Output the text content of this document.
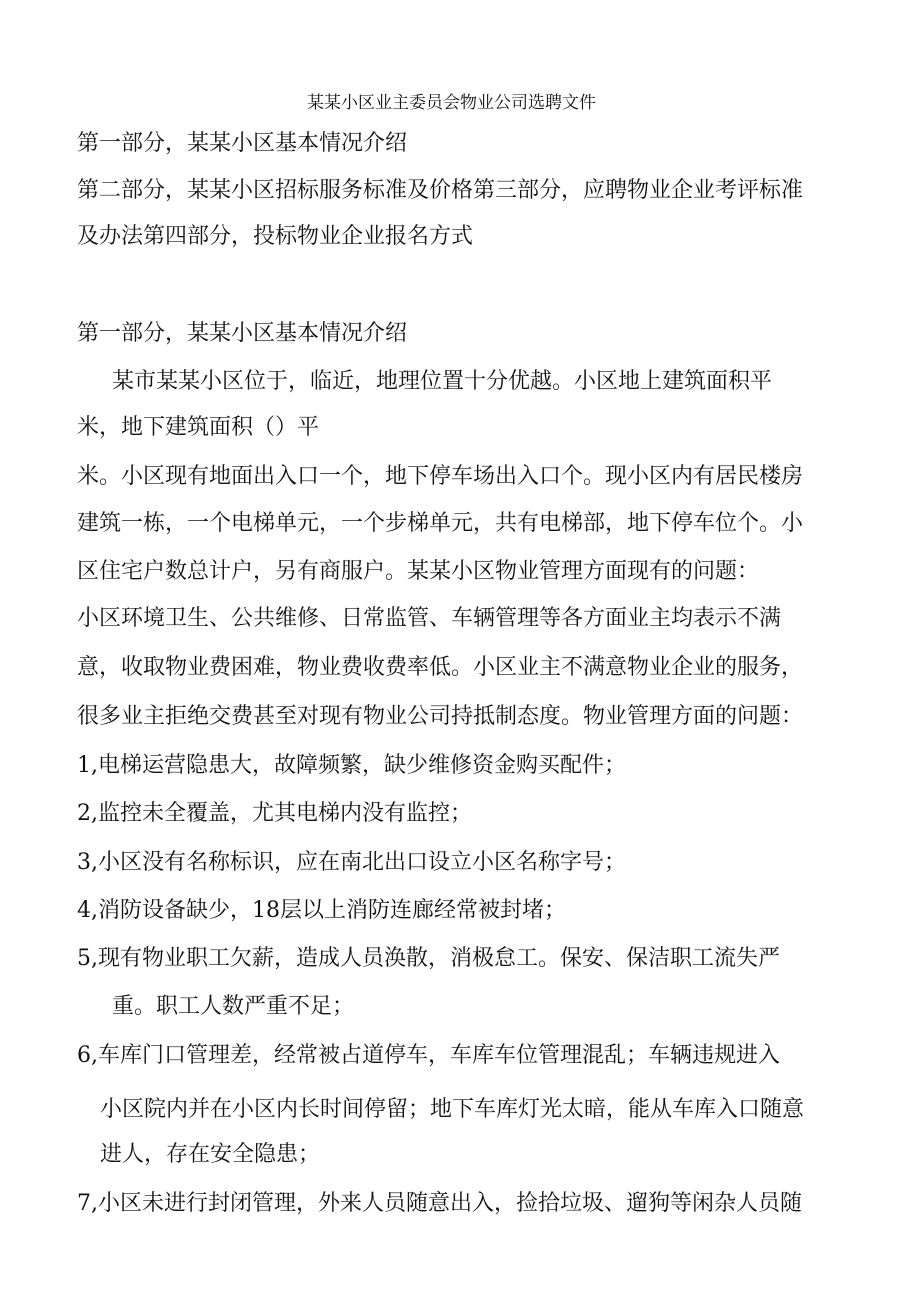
某某小区业主委员会物业公司选聘文件
第一部分，某某小区基本情况介绍
第二部分，某某小区招标服务标准及价格第三部分，应聘物业企业考评标准
及办法第四部分，投标物业企业报名方式
第一部分，某某小区基本情况介绍
某市某某小区位于，临近，地理位置十分优越。小区地上建筑面积平
米，地下建筑面积（）平
米。小区现有地面出入口一个，地下停车场出入口个。现小区内有居民楼房
建筑一栋，一个电梯单元，一个步梯单元，共有电梯部，地下停车位个。小
区住宅户数总计户，另有商服户。某某小区物业管理方面现有的问题：
小区环境卫生、公共维修、日常监管、车辆管理等各方面业主均表示不满
意，收取物业费困难，物业费收费率低。小区业主不满意物业企业的服务，
很多业主拒绝交费甚至对现有物业公司持抵制态度。物业管理方面的问题：
1,电梯运营隐患大，故障频繁，缺少维修资金购买配件；
2,监控未全覆盖，尤其电梯内没有监控；
3,小区没有名称标识，应在南北出口设立小区名称字号；
4,消防设备缺少，18层以上消防连廊经常被封堵；
5,现有物业职工欠薪，造成人员涣散，消极怠工。保安、保洁职工流失严
重。职工人数严重不足；
6,车库门口管理差，经常被占道停车，车库车位管理混乱；车辆违规进入
小区院内并在小区内长时间停留；地下车库灯光太暗，能从车库入口随意
进人，存在安全隐患；
7,小区未进行封闭管理，外来人员随意出入，捡拾垃圾、遛狗等闲杂人员随
